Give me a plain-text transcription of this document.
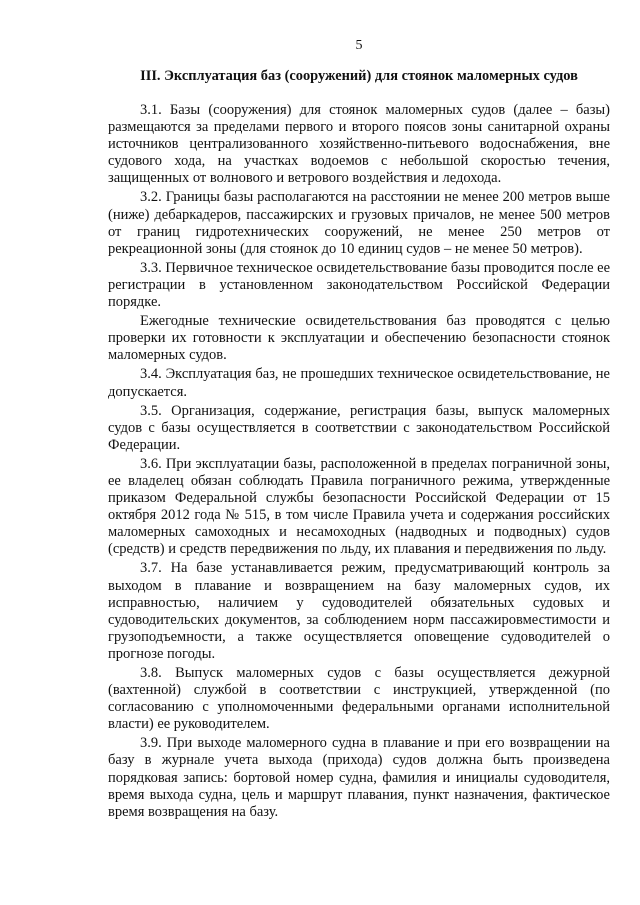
5
III. Эксплуатация баз (сооружений) для стоянок маломерных судов

3.1. Базы (сооружения) для стоянок маломерных судов (далее – базы) размещаются за пределами первого и второго поясов зоны санитарной охраны источников централизованного хозяйственно-питьевого водоснабжения, вне судового хода, на участках водоемов с небольшой скоростью течения, защищенных от волнового и ветрового воздействия и ледохода.

3.2. Границы базы располагаются на расстоянии не менее 200 метров выше (ниже) дебаркадеров, пассажирских и грузовых причалов, не менее 500 метров от границ гидротехнических сооружений, не менее 250 метров от рекреационной зоны (для стоянок до 10 единиц судов – не менее 50 метров).

3.3. Первичное техническое освидетельствование базы проводится после ее регистрации в установленном законодательством Российской Федерации порядке.

Ежегодные технические освидетельствования баз проводятся с целью проверки их готовности к эксплуатации и обеспечению безопасности стоянок маломерных судов.

3.4. Эксплуатация баз, не прошедших техническое освидетельствование, не допускается.

3.5. Организация, содержание, регистрация базы, выпуск маломерных судов с базы осуществляется в соответствии с законодательством Российской Федерации.

3.6. При эксплуатации базы, расположенной в пределах пограничной зоны, ее владелец обязан соблюдать Правила пограничного режима, утвержденные приказом Федеральной службы безопасности Российской Федерации от 15 октября 2012 года № 515, в том числе Правила учета и содержания российских маломерных самоходных и несамоходных (надводных и подводных) судов (средств) и средств передвижения по льду, их плавания и передвижения по льду.

3.7. На базе устанавливается режим, предусматривающий контроль за выходом в плавание и возвращением на базу маломерных судов, их исправностью, наличием у судоводителей обязательных судовых и судоводительских документов, за соблюдением норм пассажировместимости и грузоподъемности, а также осуществляется оповещение судоводителей о прогнозе погоды.

3.8. Выпуск маломерных судов с базы осуществляется дежурной (вахтенной) службой в соответствии с инструкцией, утвержденной (по согласованию с уполномоченными федеральными органами исполнительной власти) ее руководителем.

3.9. При выходе маломерного судна в плавание и при его возвращении на базу в журнале учета выхода (прихода) судов должна быть произведена порядковая запись: бортовой номер судна, фамилия и инициалы судоводителя, время выхода судна, цель и маршрут плавания, пункт назначения, фактическое время возвращения на базу.
